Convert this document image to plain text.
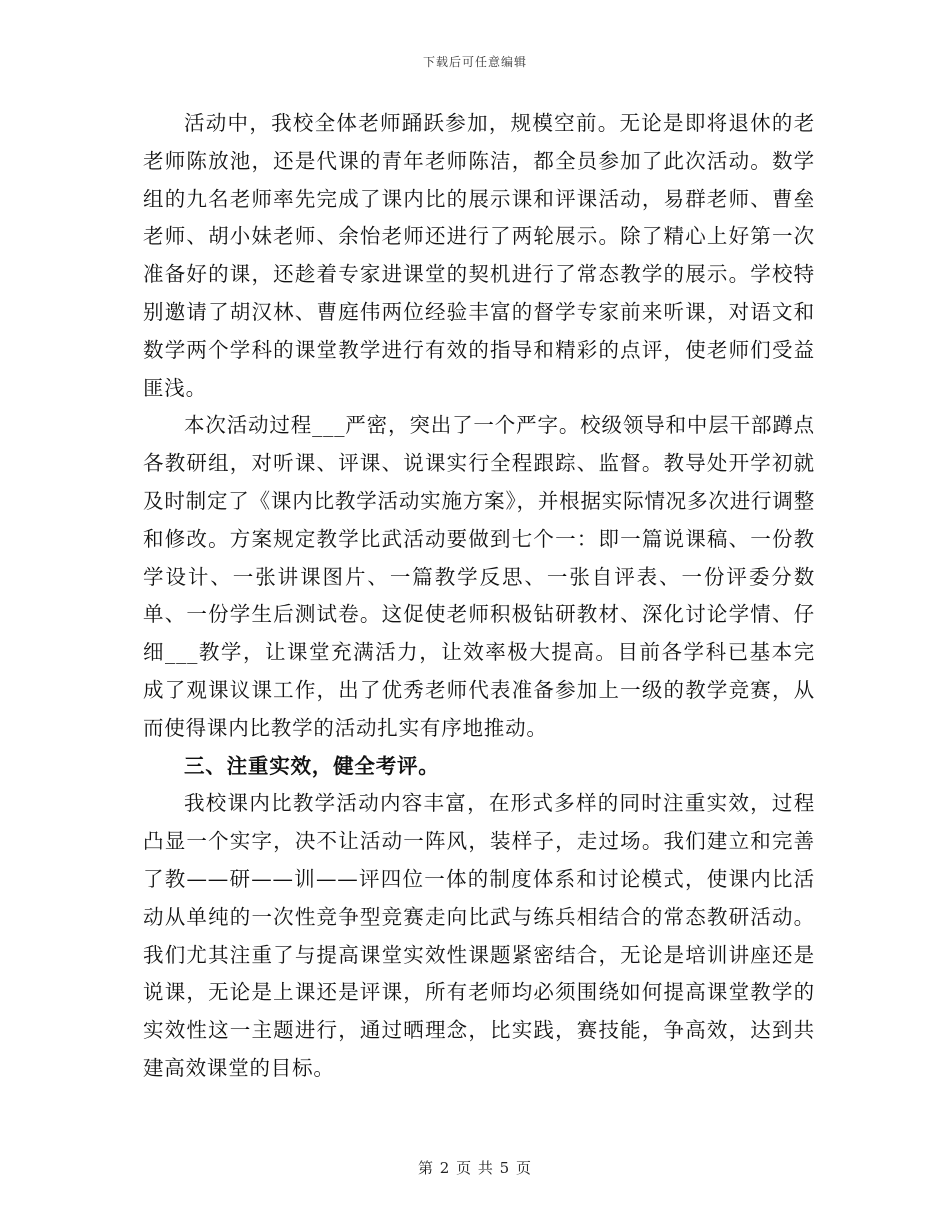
下载后可任意编辑

活动中，我校全体老师踊跃参加，规模空前。无论是即将退休的老老师陈放池，还是代课的青年老师陈洁，都全员参加了此次活动。数学组的九名老师率先完成了课内比的展示课和评课活动，易群老师、曹垒老师、胡小妹老师、余怡老师还进行了两轮展示。除了精心上好第一次准备好的课，还趁着专家进课堂的契机进行了常态教学的展示。学校特别邀请了胡汉林、曹庭伟两位经验丰富的督学专家前来听课，对语文和数学两个学科的课堂教学进行有效的指导和精彩的点评，使老师们受益匪浅。

本次活动过程___严密，突出了一个严字。校级领导和中层干部蹲点各教研组，对听课、评课、说课实行全程跟踪、监督。教导处开学初就及时制定了《课内比教学活动实施方案》，并根据实际情况多次进行调整和修改。方案规定教学比武活动要做到七个一：即一篇说课稿、一份教学设计、一张讲课图片、一篇教学反思、一张自评表、一份评委分数单、一份学生后测试卷。这促使老师积极钻研教材、深化讨论学情、仔细___教学，让课堂充满活力，让效率极大提高。目前各学科已基本完成了观课议课工作，出了优秀老师代表准备参加上一级的教学竞赛，从而使得课内比教学的活动扎实有序地推动。

三、注重实效，健全考评。

我校课内比教学活动内容丰富，在形式多样的同时注重实效，过程凸显一个实字，决不让活动一阵风，装样子，走过场。我们建立和完善了教——研——训——评四位一体的制度体系和讨论模式，使课内比活动从单纯的一次性竞争型竞赛走向比武与练兵相结合的常态教研活动。我们尤其注重了与提高课堂实效性课题紧密结合，无论是培训讲座还是说课，无论是上课还是评课，所有老师均必须围绕如何提高课堂教学的实效性这一主题进行，通过晒理念，比实践，赛技能，争高效，达到共建高效课堂的目标。

第 2 页 共 5 页
